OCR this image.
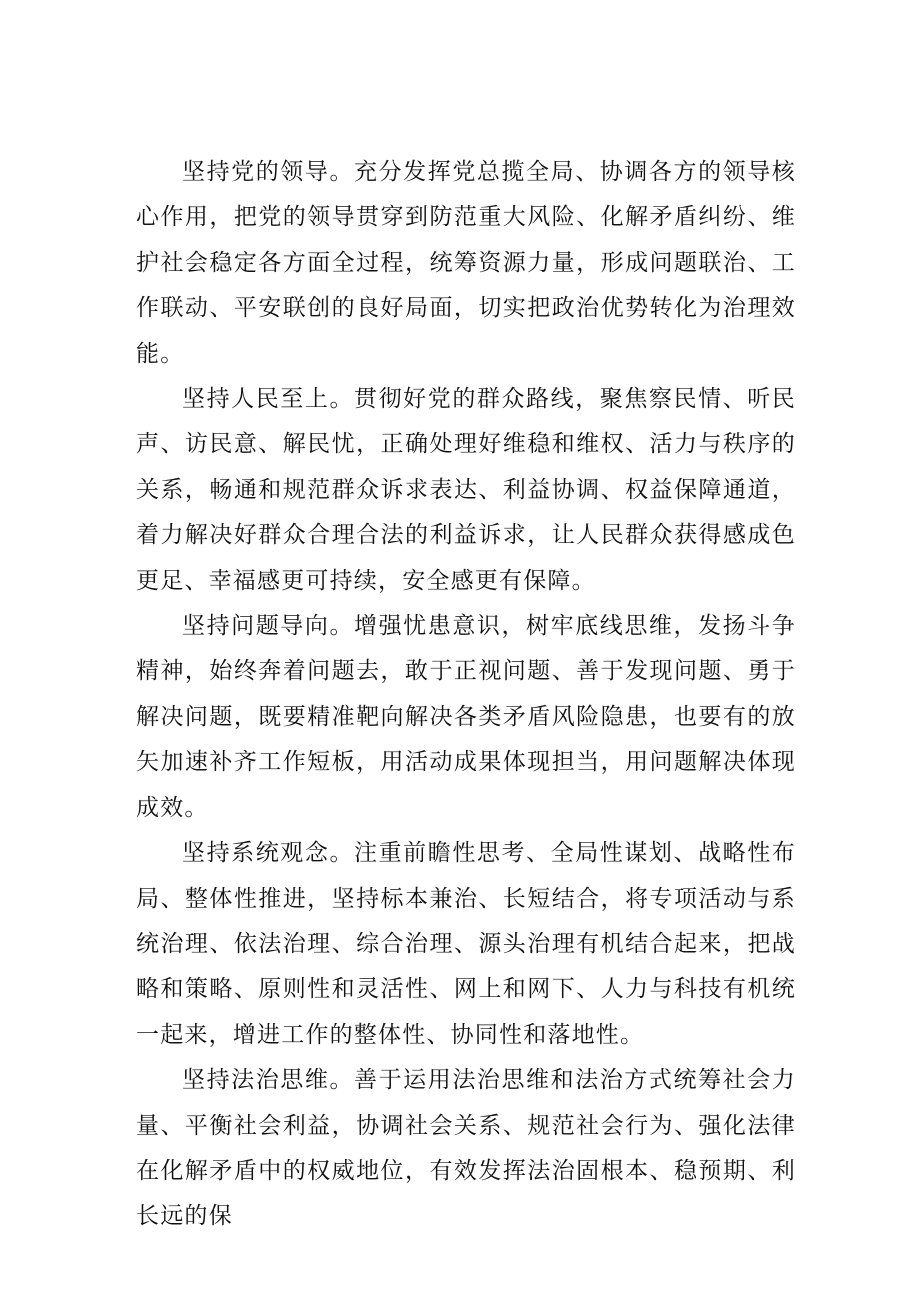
坚持党的领导。充分发挥党总揽全局、协调各方的领导核心作用，把党的领导贯穿到防范重大风险、化解矛盾纠纷、维护社会稳定各方面全过程，统筹资源力量，形成问题联治、工作联动、平安联创的良好局面，切实把政治优势转化为治理效能。

坚持人民至上。贯彻好党的群众路线，聚焦察民情、听民声、访民意、解民忧，正确处理好维稳和维权、活力与秩序的关系，畅通和规范群众诉求表达、利益协调、权益保障通道，着力解决好群众合理合法的利益诉求，让人民群众获得感成色更足、幸福感更可持续，安全感更有保障。

坚持问题导向。增强忧患意识，树牢底线思维，发扬斗争精神，始终奔着问题去，敢于正视问题、善于发现问题、勇于解决问题，既要精准靶向解决各类矛盾风险隐患，也要有的放矢加速补齐工作短板，用活动成果体现担当，用问题解决体现成效。

坚持系统观念。注重前瞻性思考、全局性谋划、战略性布局、整体性推进，坚持标本兼治、长短结合，将专项活动与系统治理、依法治理、综合治理、源头治理有机结合起来，把战略和策略、原则性和灵活性、网上和网下、人力与科技有机统一起来，增进工作的整体性、协同性和落地性。

坚持法治思维。善于运用法治思维和法治方式统筹社会力量、平衡社会利益，协调社会关系、规范社会行为、强化法律在化解矛盾中的权威地位，有效发挥法治固根本、稳预期、利长远的保
